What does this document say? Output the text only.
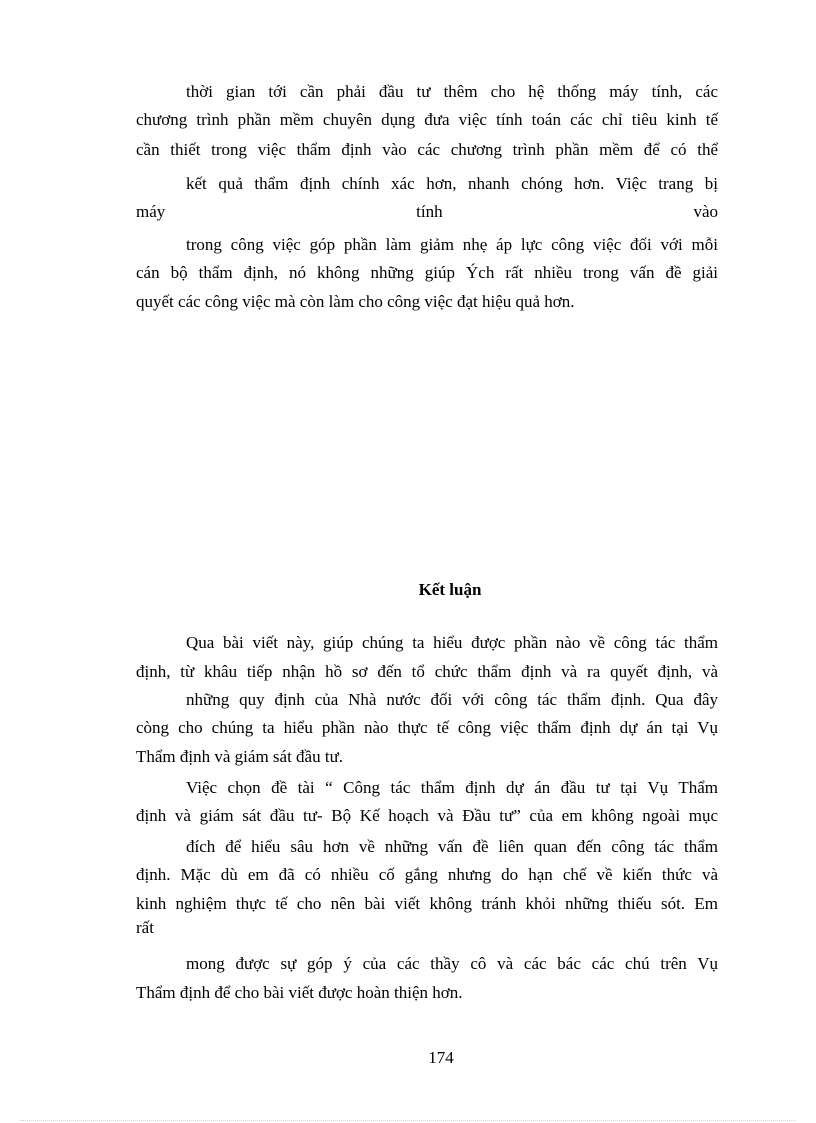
thời gian tới cần phải đầu tư thêm cho hệ thống máy tính, các
chương trình phần mềm chuyên dụng đưa việc tính toán các chỉ tiêu kinh tế
cần thiết trong việc thẩm định vào các chương trình phần mềm để có thể
kết quả thẩm định chính xác hơn, nhanh chóng hơn. Việc trang bị
máy	tính	vào
trong công việc góp phần làm giảm nhẹ áp lực công việc đối với mỗi
cán bộ thẩm định, nó không những giúp Ých rất nhiều trong vấn đề giải
quyết các công việc mà còn làm cho công việc đạt hiệu quả hơn.
Kết luận
Qua bài viết này, giúp chúng ta hiểu được phần nào về công tác thẩm
định, từ khâu tiếp nhận hồ sơ đến tổ chức thẩm định và ra quyết định, và
những quy định của Nhà nước đối với công tác thẩm định. Qua đây
còng cho chúng ta hiểu phần nào thực tế công việc thẩm định dự án tại Vụ
Thẩm định và giám sát đầu tư.
Việc chọn đề tài “ Công tác thẩm định dự án đầu tư tại Vụ Thẩm
định và giám sát đầu tư- Bộ Kế hoạch và Đầu tư” của em không ngoài mục
đích để hiểu sâu hơn về những vấn đề liên quan đến công tác thẩm
định. Mặc dù em đã có nhiều cố gắng nhưng do hạn chế về kiến thức và
kinh nghiệm thực tế cho nên bài viết không tránh khỏi những thiếu sót. Em
rất
mong được sự góp ý của các thầy cô và các bác các chú trên Vụ
Thẩm định để cho bài viết được hoàn thiện hơn.
174
